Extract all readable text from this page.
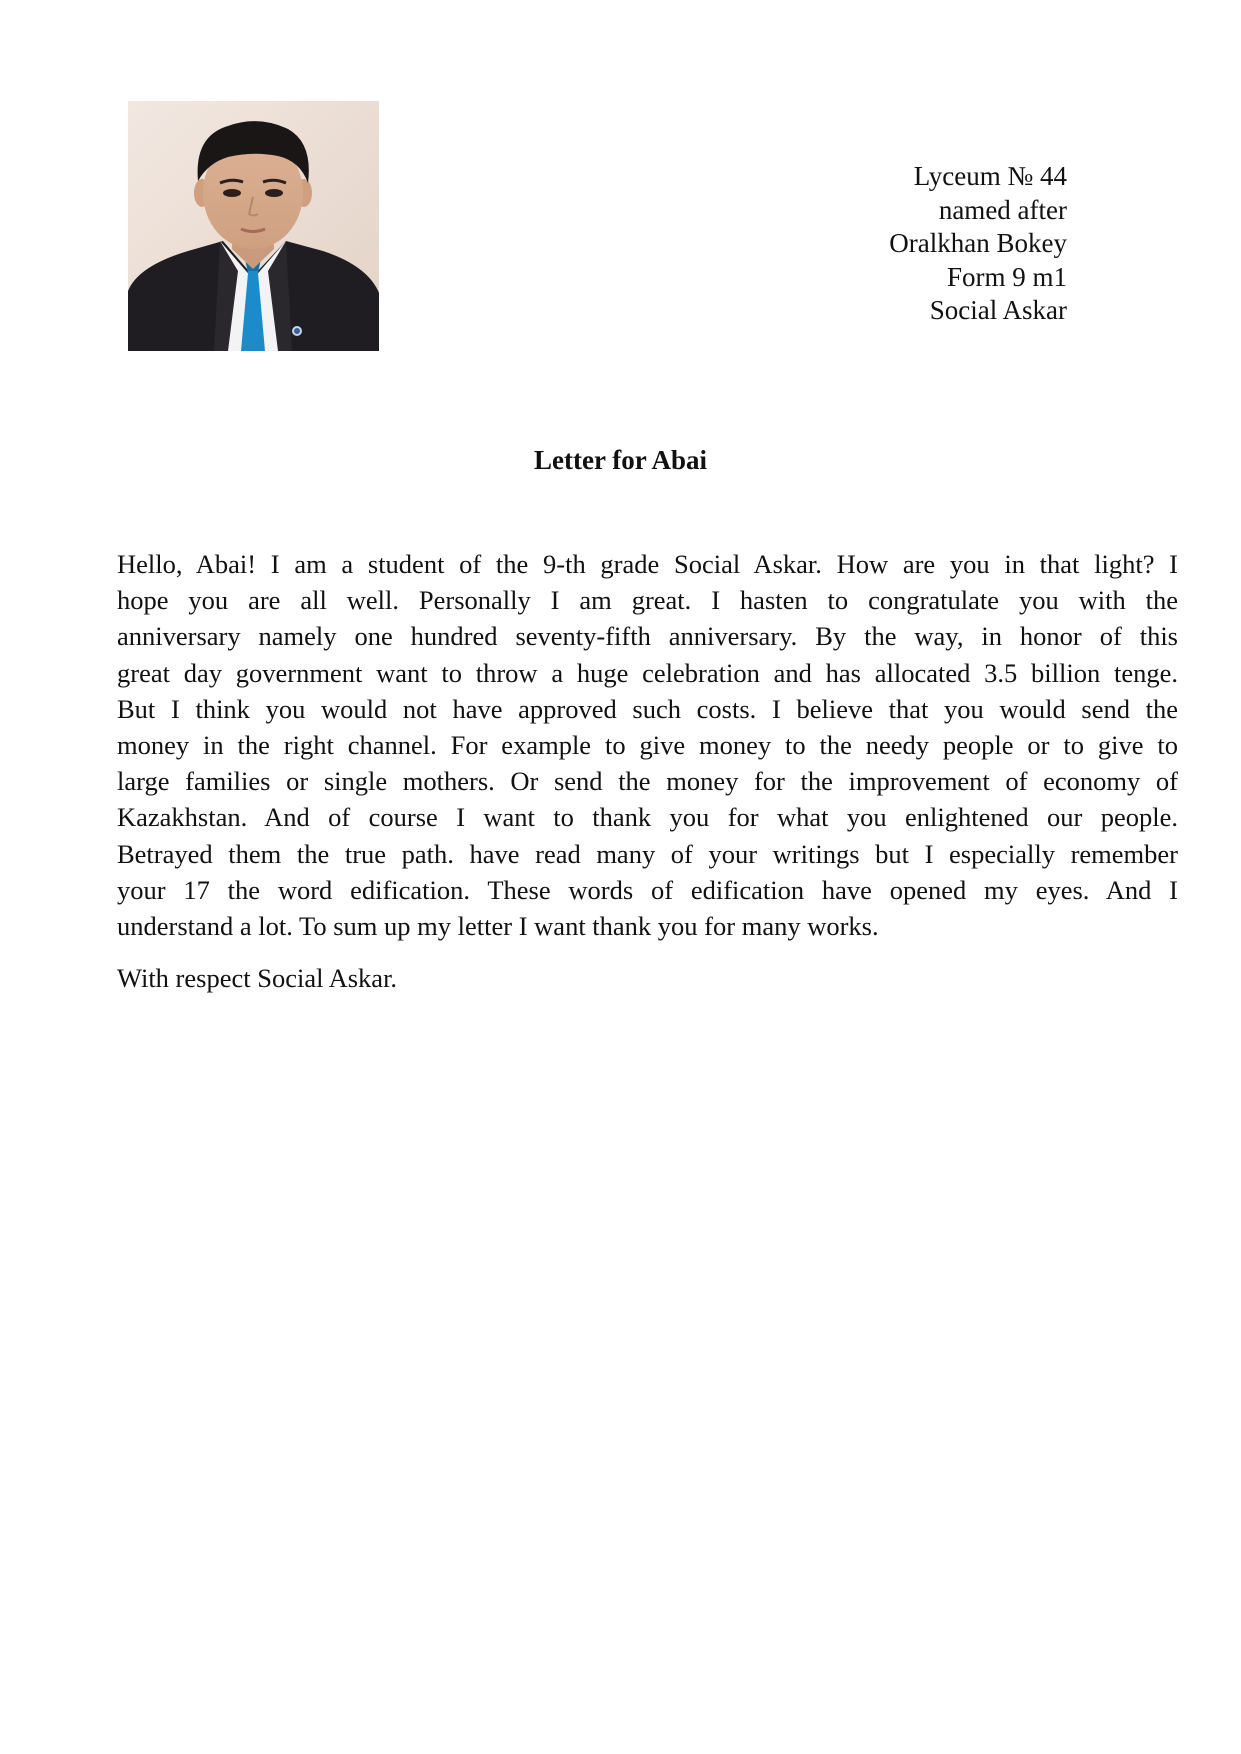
Lyceum № 44
named after
Oralkhan Bokey
Form 9 m1
Social Askar
Letter for Abai
Hello, Abai! I am a student of the 9-th grade Social Askar. How are you in that light? I
hope you are all well. Personally I am great. I hasten to congratulate you with the
anniversary namely one hundred seventy-fifth anniversary. By the way, in honor of this
great day government want to throw a huge celebration and has allocated 3.5 billion tenge.
But I think you would not have approved such costs. I believe that you would send the
money in the right channel. For example to give money to the needy people or to give to
large families or single mothers. Or send the money for the improvement of economy of
Kazakhstan. And of course I want to thank you for what you enlightened our people.
Betrayed them the true path. have read many of your writings but I especially remember
your 17 the word edification. These words of edification have opened my eyes. And I
understand a lot. To sum up my letter I want thank you for many works.
With respect Social Askar.
